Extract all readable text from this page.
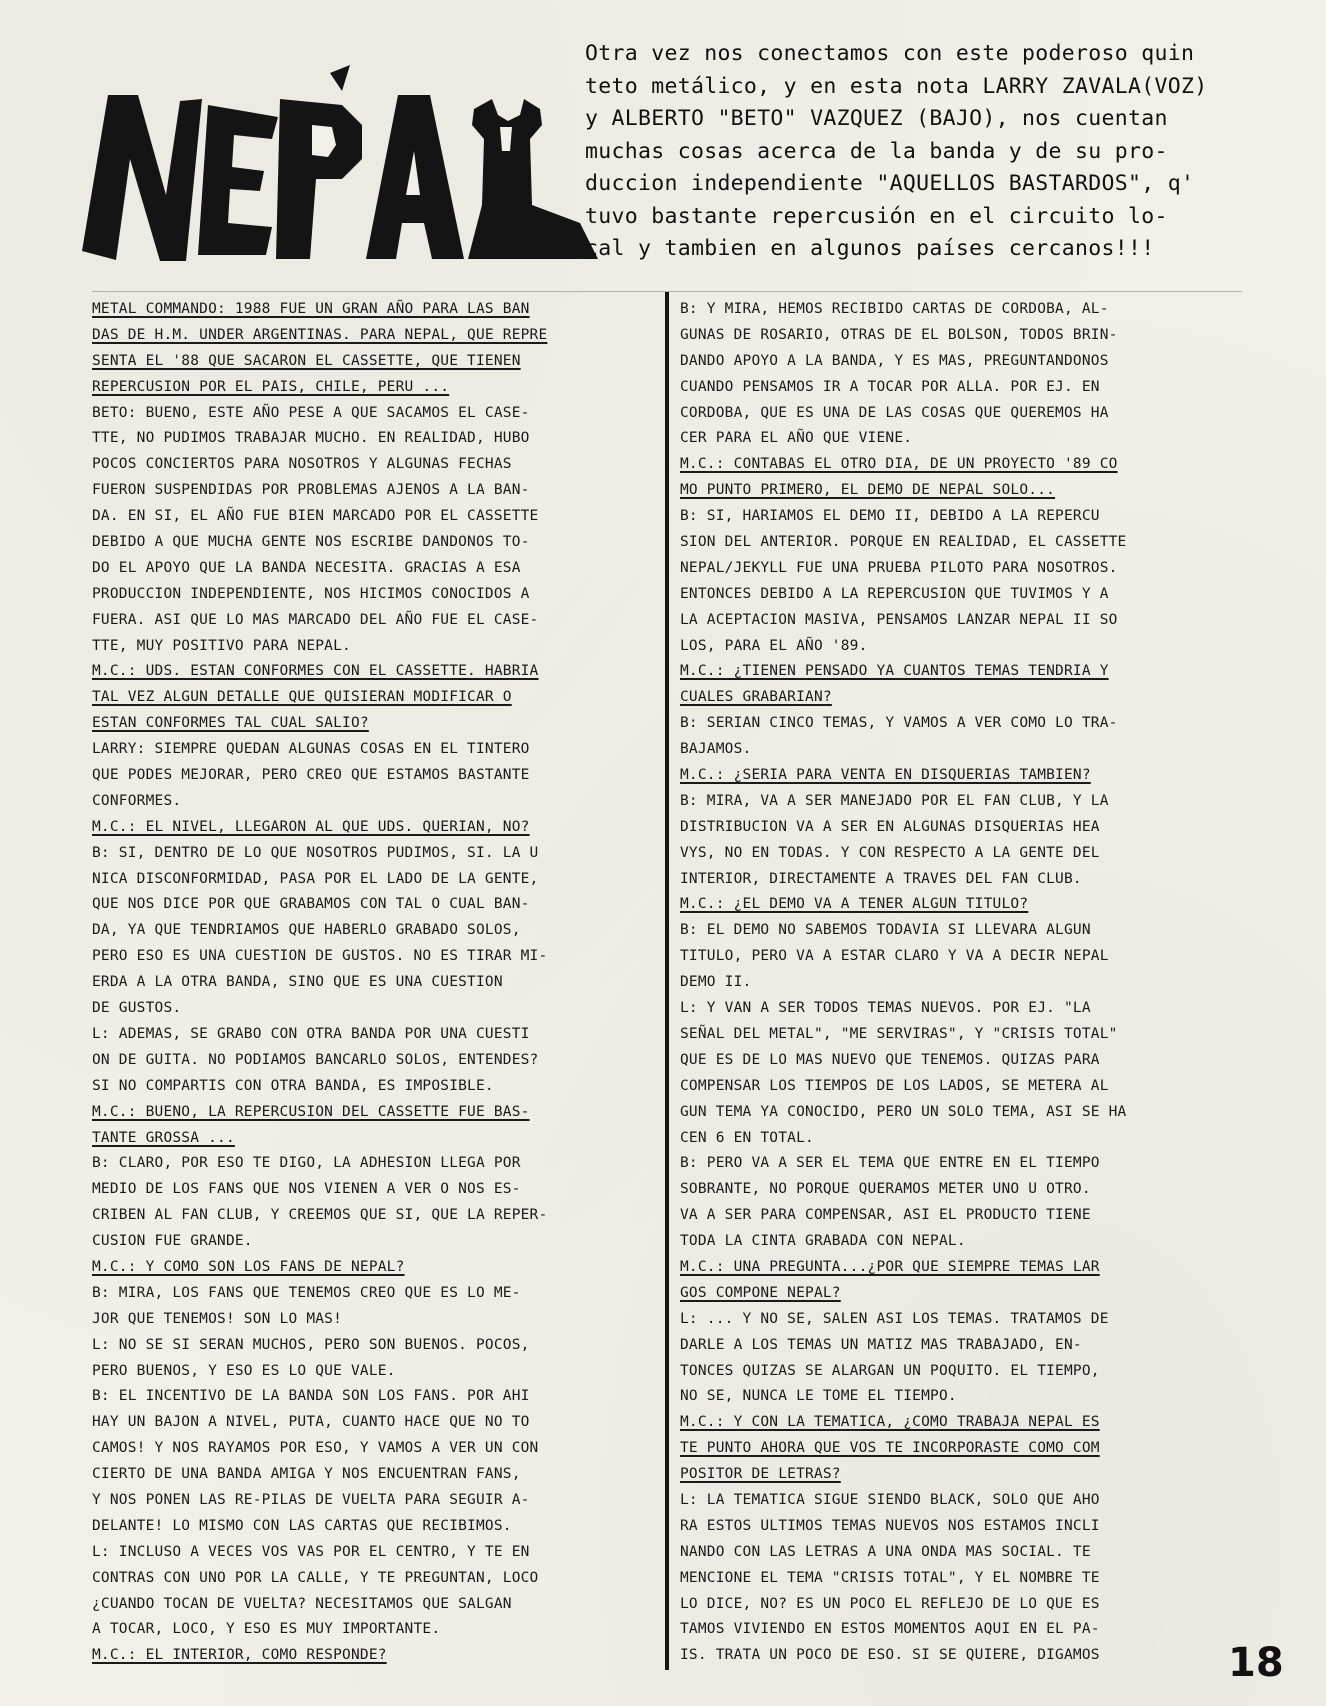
Otra vez nos conectamos con este poderoso quin
teto metálico, y en esta nota LARRY ZAVALA(VOZ)
y ALBERTO "BETO" VAZQUEZ (BAJO), nos cuentan
muchas cosas acerca de la banda y de su pro-
duccion independiente "AQUELLOS BASTARDOS", q'
tuvo bastante repercusión en el circuito lo-
cal y tambien en algunos países cercanos!!!
METAL COMMANDO: 1988 FUE UN GRAN AÑO PARA LAS BAN
DAS DE H.M. UNDER ARGENTINAS. PARA NEPAL, QUE REPRE
SENTA EL '88 QUE SACARON EL CASSETTE, QUE TIENEN
REPERCUSION POR EL PAIS, CHILE, PERU ...
BETO: BUENO, ESTE AÑO PESE A QUE SACAMOS EL CASE-
TTE, NO PUDIMOS TRABAJAR MUCHO. EN REALIDAD, HUBO
POCOS CONCIERTOS PARA NOSOTROS Y ALGUNAS FECHAS
FUERON SUSPENDIDAS POR PROBLEMAS AJENOS A LA BAN-
DA. EN SI, EL AÑO FUE BIEN MARCADO POR EL CASSETTE
DEBIDO A QUE MUCHA GENTE NOS ESCRIBE DANDONOS TO-
DO EL APOYO QUE LA BANDA NECESITA. GRACIAS A ESA
PRODUCCION INDEPENDIENTE, NOS HICIMOS CONOCIDOS A
FUERA. ASI QUE LO MAS MARCADO DEL AÑO FUE EL CASE-
TTE, MUY POSITIVO PARA NEPAL.
M.C.: UDS. ESTAN CONFORMES CON EL CASSETTE. HABRIA
TAL VEZ ALGUN DETALLE QUE QUISIERAN MODIFICAR O
ESTAN CONFORMES TAL CUAL SALIO?
LARRY: SIEMPRE QUEDAN ALGUNAS COSAS EN EL TINTERO
QUE PODES MEJORAR, PERO CREO QUE ESTAMOS BASTANTE
CONFORMES.
M.C.: EL NIVEL, LLEGARON AL QUE UDS. QUERIAN, NO?
B: SI, DENTRO DE LO QUE NOSOTROS PUDIMOS, SI. LA U
NICA DISCONFORMIDAD, PASA POR EL LADO DE LA GENTE,
QUE NOS DICE POR QUE GRABAMOS CON TAL O CUAL BAN-
DA, YA QUE TENDRIAMOS QUE HABERLO GRABADO SOLOS,
PERO ESO ES UNA CUESTION DE GUSTOS. NO ES TIRAR MI-
ERDA A LA OTRA BANDA, SINO QUE ES UNA CUESTION
DE GUSTOS.
L: ADEMAS, SE GRABO CON OTRA BANDA POR UNA CUESTI
ON DE GUITA. NO PODIAMOS BANCARLO SOLOS, ENTENDES?
SI NO COMPARTIS CON OTRA BANDA, ES IMPOSIBLE.
M.C.: BUENO, LA REPERCUSION DEL CASSETTE FUE BAS-
TANTE GROSSA ...
B: CLARO, POR ESO TE DIGO, LA ADHESION LLEGA POR
MEDIO DE LOS FANS QUE NOS VIENEN A VER O NOS ES-
CRIBEN AL FAN CLUB, Y CREEMOS QUE SI, QUE LA REPER-
CUSION FUE GRANDE.
M.C.: Y COMO SON LOS FANS DE NEPAL?
B: MIRA, LOS FANS QUE TENEMOS CREO QUE ES LO ME-
JOR QUE TENEMOS! SON LO MAS!
L: NO SE SI SERAN MUCHOS, PERO SON BUENOS. POCOS,
PERO BUENOS, Y ESO ES LO QUE VALE.
B: EL INCENTIVO DE LA BANDA SON LOS FANS. POR AHI
HAY UN BAJON A NIVEL, PUTA, CUANTO HACE QUE NO TO
CAMOS! Y NOS RAYAMOS POR ESO, Y VAMOS A VER UN CON
CIERTO DE UNA BANDA AMIGA Y NOS ENCUENTRAN FANS,
Y NOS PONEN LAS RE-PILAS DE VUELTA PARA SEGUIR A-
DELANTE! LO MISMO CON LAS CARTAS QUE RECIBIMOS.
L: INCLUSO A VECES VOS VAS POR EL CENTRO, Y TE EN
CONTRAS CON UNO POR LA CALLE, Y TE PREGUNTAN, LOCO
¿CUANDO TOCAN DE VUELTA? NECESITAMOS QUE SALGAN
A TOCAR, LOCO, Y ESO ES MUY IMPORTANTE.
M.C.: EL INTERIOR, COMO RESPONDE?
B: Y MIRA, HEMOS RECIBIDO CARTAS DE CORDOBA, AL-
GUNAS DE ROSARIO, OTRAS DE EL BOLSON, TODOS BRIN-
DANDO APOYO A LA BANDA, Y ES MAS, PREGUNTANDONOS
CUANDO PENSAMOS IR A TOCAR POR ALLA. POR EJ. EN
CORDOBA, QUE ES UNA DE LAS COSAS QUE QUEREMOS HA
CER PARA EL AÑO QUE VIENE.
M.C.: CONTABAS EL OTRO DIA, DE UN PROYECTO '89 CO
MO PUNTO PRIMERO, EL DEMO DE NEPAL SOLO...
B: SI, HARIAMOS EL DEMO II, DEBIDO A LA REPERCU
SION DEL ANTERIOR. PORQUE EN REALIDAD, EL CASSETTE
NEPAL/JEKYLL FUE UNA PRUEBA PILOTO PARA NOSOTROS.
ENTONCES DEBIDO A LA REPERCUSION QUE TUVIMOS Y A
LA ACEPTACION MASIVA, PENSAMOS LANZAR NEPAL II SO
LOS, PARA EL AÑO '89.
M.C.: ¿TIENEN PENSADO YA CUANTOS TEMAS TENDRIA Y
CUALES GRABARIAN?
B: SERIAN CINCO TEMAS, Y VAMOS A VER COMO LO TRA-
BAJAMOS.
M.C.: ¿SERIA PARA VENTA EN DISQUERIAS TAMBIEN?
B: MIRA, VA A SER MANEJADO POR EL FAN CLUB, Y LA
DISTRIBUCION VA A SER EN ALGUNAS DISQUERIAS HEA
VYS, NO EN TODAS. Y CON RESPECTO A LA GENTE DEL
INTERIOR, DIRECTAMENTE A TRAVES DEL FAN CLUB.
M.C.: ¿EL DEMO VA A TENER ALGUN TITULO?
B: EL DEMO NO SABEMOS TODAVIA SI LLEVARA ALGUN
TITULO, PERO VA A ESTAR CLARO Y VA A DECIR NEPAL
DEMO II.
L: Y VAN A SER TODOS TEMAS NUEVOS. POR EJ. "LA
SEÑAL DEL METAL", "ME SERVIRAS", Y "CRISIS TOTAL"
QUE ES DE LO MAS NUEVO QUE TENEMOS. QUIZAS PARA
COMPENSAR LOS TIEMPOS DE LOS LADOS, SE METERA AL
GUN TEMA YA CONOCIDO, PERO UN SOLO TEMA, ASI SE HA
CEN 6 EN TOTAL.
B: PERO VA A SER EL TEMA QUE ENTRE EN EL TIEMPO
SOBRANTE, NO PORQUE QUERAMOS METER UNO U OTRO.
VA A SER PARA COMPENSAR, ASI EL PRODUCTO TIENE
TODA LA CINTA GRABADA CON NEPAL.
M.C.: UNA PREGUNTA...¿POR QUE SIEMPRE TEMAS LAR
GOS COMPONE NEPAL?
L: ... Y NO SE, SALEN ASI LOS TEMAS. TRATAMOS DE
DARLE A LOS TEMAS UN MATIZ MAS TRABAJADO, EN-
TONCES QUIZAS SE ALARGAN UN POQUITO. EL TIEMPO,
NO SE, NUNCA LE TOME EL TIEMPO.
M.C.: Y CON LA TEMATICA, ¿COMO TRABAJA NEPAL ES
TE PUNTO AHORA QUE VOS TE INCORPORASTE COMO COM
POSITOR DE LETRAS?
L: LA TEMATICA SIGUE SIENDO BLACK, SOLO QUE AHO
RA ESTOS ULTIMOS TEMAS NUEVOS NOS ESTAMOS INCLI
NANDO CON LAS LETRAS A UNA ONDA MAS SOCIAL. TE
MENCIONE EL TEMA "CRISIS TOTAL", Y EL NOMBRE TE
LO DICE, NO? ES UN POCO EL REFLEJO DE LO QUE ES
TAMOS VIVIENDO EN ESTOS MOMENTOS AQUI EN EL PA-
IS. TRATA UN POCO DE ESO. SI SE QUIERE, DIGAMOS	18
